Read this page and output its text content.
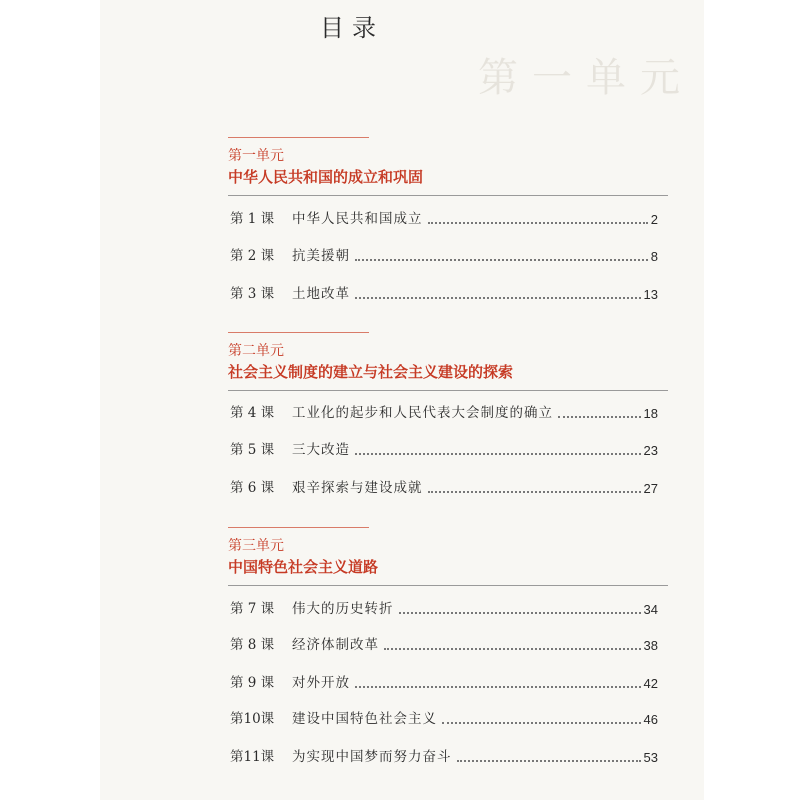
第一单元
目录
第一单元
中华人民共和国的成立和巩固
第 1 课	中华人民共和国成立	2
第 2 课	抗美援朝	8
第 3 课	土地改革	13
第二单元
社会主义制度的建立与社会主义建设的探索
第 4 课	工业化的起步和人民代表大会制度的确立	18
第 5 课	三大改造	23
第 6 课	艰辛探索与建设成就	27
第三单元
中国特色社会主义道路
第 7 课	伟大的历史转折	34
第 8 课	经济体制改革	38
第 9 课	对外开放	42
第10课	建设中国特色社会主义	46
第11课	为实现中国梦而努力奋斗	53
